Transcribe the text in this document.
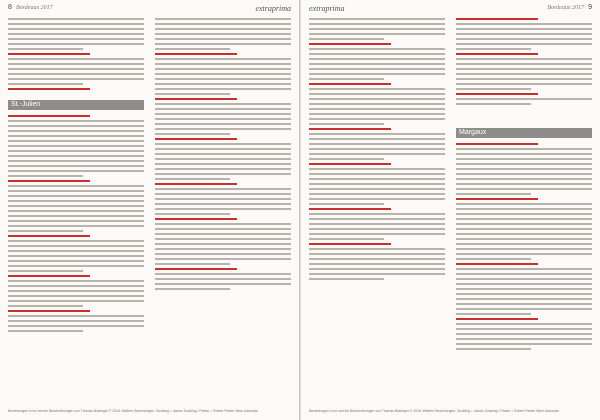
8 Bordeaux 2017	extraprima
St.-Julien
Bewertungen in ist und die Beschreibungen von Thomas Brabeger © 2018. Weitere Bewertungen: Suckling = James Suckling / Parker = Robert Parker Wine Advocate
extraprima	Bordeaux 2017 9
Margaux
Bewertungen in ist und die Beschreibungen von Thomas Brabeger © 2018. Weitere Bewertungen: Suckling = James Suckling / Parker = Robert Parker Wine Advocate
